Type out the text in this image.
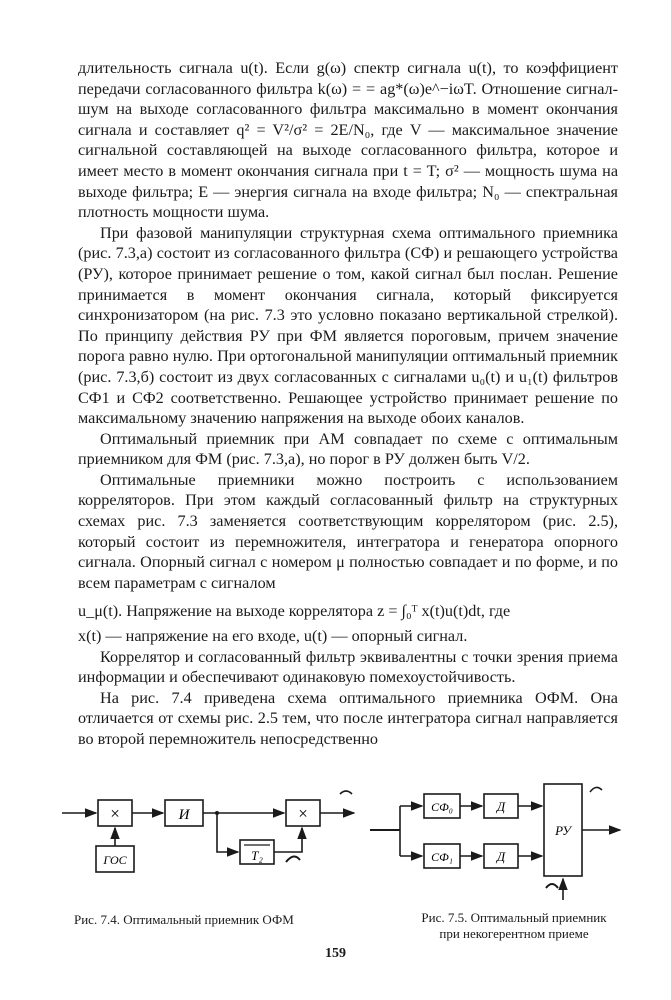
длительность сигнала u(t). Если g(ω) спектр сигнала u(t), то коэффициент передачи согласованного фильтра k(ω) = = ag*(ω)e^−iωT. Отношение сигнал-шум на выходе согласованного фильтра максимально в момент окончания сигнала и составляет q² = V²/σ² = 2E/N₀, где V — максимальное значение сигнальной составляющей на выходе согласованного фильтра, которое и имеет место в момент окончания сигнала при t = T; σ² — мощность шума на выходе фильтра; E — энергия сигнала на входе фильтра; N₀ — спектральная плотность мощности шума.

При фазовой манипуляции структурная схема оптимального приемника (рис. 7.3,а) состоит из согласованного фильтра (СФ) и решающего устройства (РУ), которое принимает решение о том, какой сигнал был послан. Решение принимается в момент окончания сигнала, который фиксируется синхронизатором (на рис. 7.3 это условно показано вертикальной стрелкой). По принципу действия РУ при ФМ является пороговым, причем значение порога равно нулю. При ортогональной манипуляции оптимальный приемник (рис. 7.3,б) состоит из двух согласованных с сигналами u₀(t) и u₁(t) фильтров СФ1 и СФ2 соответственно. Решающее устройство принимает решение по максимальному значению напряжения на выходе обоих каналов.

Оптимальный приемник при АМ совпадает по схеме с оптимальным приемником для ФМ (рис. 7.3,а), но порог в РУ должен быть V/2.

Оптимальные приемники можно построить с использованием корреляторов. При этом каждый согласованный фильтр на структурных схемах рис. 7.3 заменяется соответствующим коррелятором (рис. 2.5), который состоит из перемножителя, интегратора и генератора опорного сигнала. Опорный сигнал с номером μ полностью совпадает и по форме, и по всем параметрам с сигналом

u_μ(t). Напряжение на выходе коррелятора z = ∫₀ᵀ x(t)u(t)dt, где

x(t) — напряжение на его входе, u(t) — опорный сигнал.

Коррелятор и согласованный фильтр эквивалентны с точки зрения приема информации и обеспечивают одинаковую помехоустойчивость.

На рис. 7.4 приведена схема оптимального приемника ОФМ. Она отличается от схемы рис. 2.5 тем, что после интегратора сигнал направляется во второй перемножитель непосредственно

×	И
T₂
×
ГОС
Рис. 7.4. Оптимальный приемник ОФМ
СФ₀
СФ₁
Д
Д
РУ
Рис. 7.5. Оптимальный приемник
при некогерентном приеме
159
